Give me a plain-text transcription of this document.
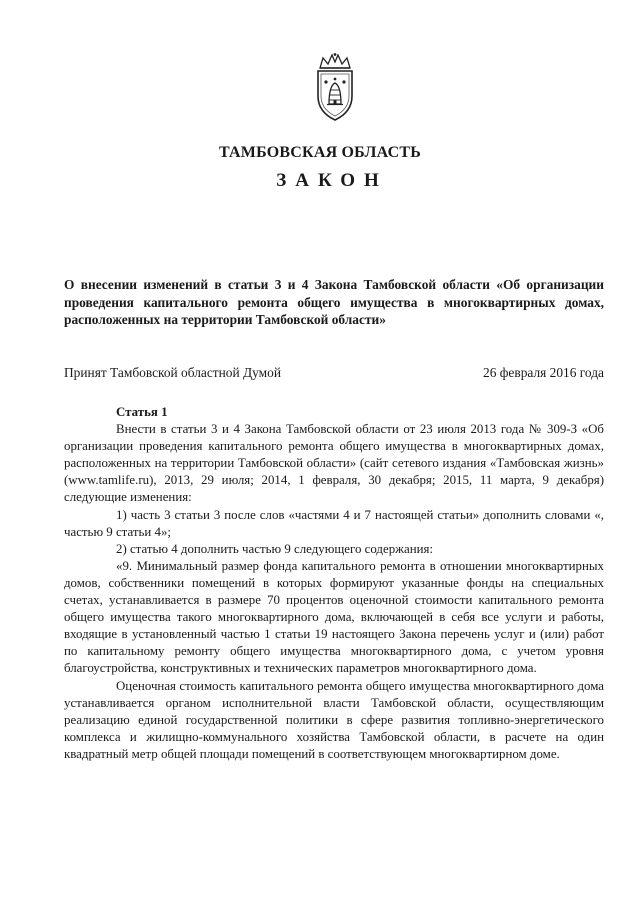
ТАМБОВСКАЯ ОБЛАСТЬ
ЗАКОН
О внесении изменений в статьи 3 и 4 Закона Тамбовской области «Об организации проведения капитального ремонта общего имущества в многоквартирных домах, расположенных на территории Тамбовской области»
Принят Тамбовской областной Думой	26 февраля 2016 года

Статья 1

Внести в статьи 3 и 4 Закона Тамбовской области от 23 июля 2013 года № 309-З «Об организации проведения капитального ремонта общего имущества в многоквартирных домах, расположенных на территории Тамбовской области» (сайт сетевого издания «Тамбовская жизнь» (www.tamlife.ru), 2013, 29 июля; 2014, 1 февраля, 30 декабря; 2015, 11 марта, 9 декабря) следующие изменения:

1) часть 3 статьи 3 после слов «частями 4 и 7 настоящей статьи» дополнить словами «, частью 9 статьи 4»;

2) статью 4 дополнить частью 9 следующего содержания:

«9. Минимальный размер фонда капитального ремонта в отношении многоквартирных домов, собственники помещений в которых формируют указанные фонды на специальных счетах, устанавливается в размере 70 процентов оценочной стоимости капитального ремонта общего имущества такого многоквартирного дома, включающей в себя все услуги и работы, входящие в установленный частью 1 статьи 19 настоящего Закона перечень услуг и (или) работ по капитальному ремонту общего имущества многоквартирного дома, с учетом уровня благоустройства, конструктивных и технических параметров многоквартирного дома.

Оценочная стоимость капитального ремонта общего имущества многоквартирного дома устанавливается органом исполнительной власти Тамбовской области, осуществляющим реализацию единой государственной политики в сфере развития топливно-энергетического комплекса и жилищно-коммунального хозяйства Тамбовской области, в расчете на один квадратный метр общей площади помещений в соответствующем многоквартирном доме.
